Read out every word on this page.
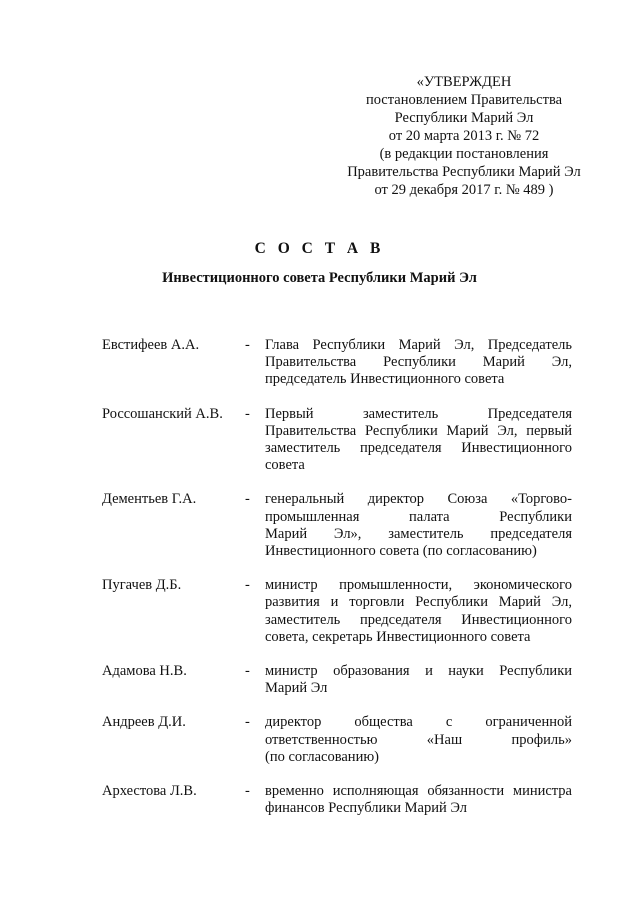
«УТВЕРЖДЕН
постановлением Правительства
Республики Марий Эл
от 20 марта 2013 г. № 72
(в редакции постановления
Правительства Республики Марий Эл
от 29 декабря 2017 г. № 489 )
С О С Т А В
Инвестиционного совета Республики Марий Эл
Евстифеев А.А.	-	Глава Республики Марий Эл, Председатель
Правительства Республики Марий Эл,
председатель Инвестиционного совета
Россошанский А.В.	-	Первый заместитель Председателя
Правительства Республики Марий Эл, первый
заместитель председателя Инвестиционного
совета
Дементьев Г.А.	-	генеральный директор Союза «Торгово-
промышленная палата Республики
Марий Эл», заместитель председателя
Инвестиционного совета (по согласованию)
Пугачев Д.Б.	-	министр промышленности, экономического
развития и торговли Республики Марий Эл,
заместитель председателя Инвестиционного
совета, секретарь Инвестиционного совета
Адамова Н.В.	-	министр образования и науки Республики
Марий Эл
Андреев Д.И.	-	директор общества с ограниченной
ответственностью «Наш профиль»
(по согласованию)
Архестова Л.В.	-	временно исполняющая обязанности министра
финансов Республики Марий Эл
